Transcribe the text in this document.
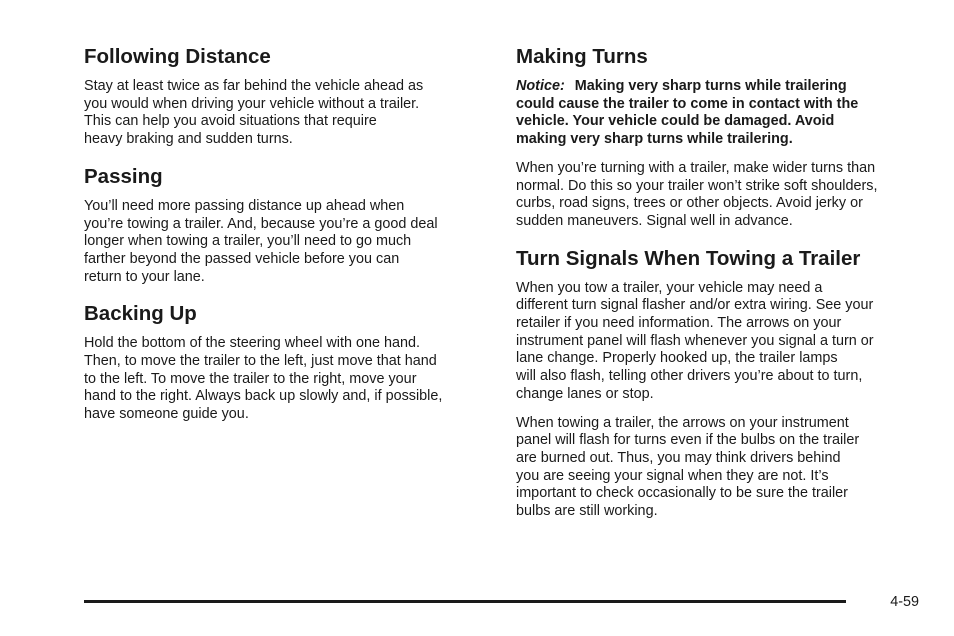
Following Distance

Stay at least twice as far behind the vehicle ahead as
you would when driving your vehicle without a trailer.
This can help you avoid situations that require
heavy braking and sudden turns.

Passing

You’ll need more passing distance up ahead when
you’re towing a trailer. And, because you’re a good deal
longer when towing a trailer, you’ll need to go much
farther beyond the passed vehicle before you can
return to your lane.

Backing Up

Hold the bottom of the steering wheel with one hand.
Then, to move the trailer to the left, just move that hand
to the left. To move the trailer to the right, move your
hand to the right. Always back up slowly and, if possible,
have someone guide you.

Making Turns

Notice: Making very sharp turns while trailering
could cause the trailer to come in contact with the
vehicle. Your vehicle could be damaged. Avoid
making very sharp turns while trailering.

When you’re turning with a trailer, make wider turns than
normal. Do this so your trailer won’t strike soft shoulders,
curbs, road signs, trees or other objects. Avoid jerky or
sudden maneuvers. Signal well in advance.

Turn Signals When Towing a Trailer

When you tow a trailer, your vehicle may need a
different turn signal flasher and/or extra wiring. See your
retailer if you need information. The arrows on your
instrument panel will flash whenever you signal a turn or
lane change. Properly hooked up, the trailer lamps
will also flash, telling other drivers you’re about to turn,
change lanes or stop.

When towing a trailer, the arrows on your instrument
panel will flash for turns even if the bulbs on the trailer
are burned out. Thus, you may think drivers behind
you are seeing your signal when they are not. It’s
important to check occasionally to be sure the trailer
bulbs are still working.

4-59
